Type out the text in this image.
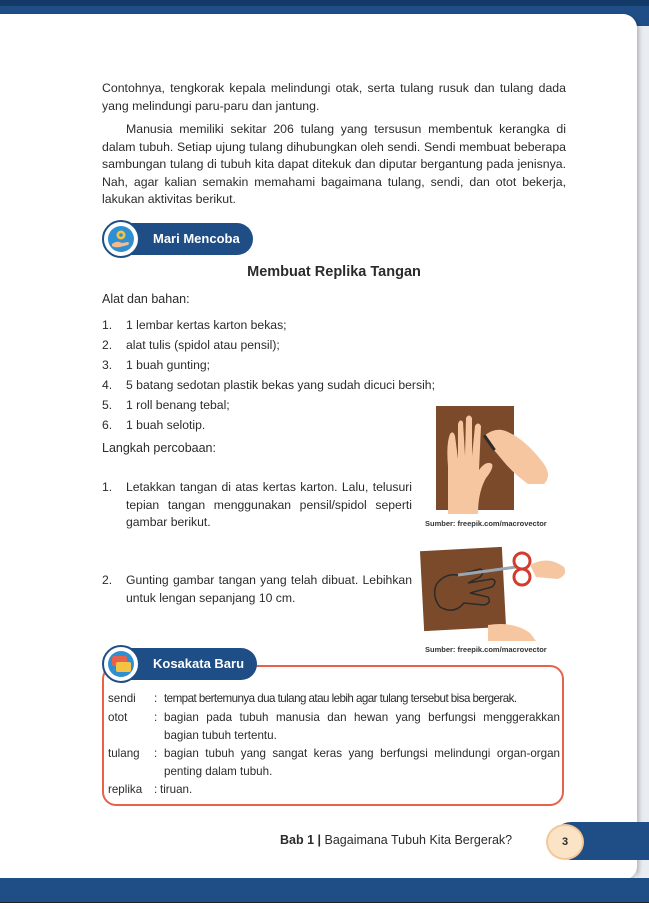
Contohnya, tengkorak kepala melindungi otak, serta tulang rusuk dan tulang dada yang melindungi paru-paru dan jantung.

Manusia memiliki sekitar 206 tulang yang tersusun membentuk kerangka di dalam tubuh. Setiap ujung tulang dihubungkan oleh sendi. Sendi membuat beberapa sambungan tulang di tubuh kita dapat ditekuk dan diputar bergantung pada jenisnya. Nah, agar kalian semakin memahami bagaimana tulang, sendi, dan otot bekerja, lakukan aktivitas berikut.

Mari Mencoba
Membuat Replika Tangan
Alat dan bahan:
1. 1 lembar kertas karton bekas;
2. alat tulis (spidol atau pensil);
3. 1 buah gunting;
4. 5 batang sedotan plastik bekas yang sudah dicuci bersih;
5. 1 roll benang tebal;
6. 1 buah selotip.
Langkah percobaan:
1. Letakkan tangan di atas kertas karton. Lalu, telusuri tepian tangan menggunakan pensil/spidol seperti gambar berikut.
2. Gunting gambar tangan yang telah dibuat. Lebihkan untuk lengan sepanjang 10 cm.
Sumber: freepik.com/macrovector
Sumber: freepik.com/macrovector
Kosakata Baru
sendi : tempat bertemunya dua tulang atau lebih agar tulang tersebut bisa bergerak.
otot : bagian pada tubuh manusia dan hewan yang berfungsi menggerakkan bagian tubuh tertentu.
tulang : bagian tubuh yang sangat keras yang berfungsi melindungi organ-organ penting dalam tubuh.
replika : tiruan.
Bab 1 | Bagaimana Tubuh Kita Bergerak?	3
